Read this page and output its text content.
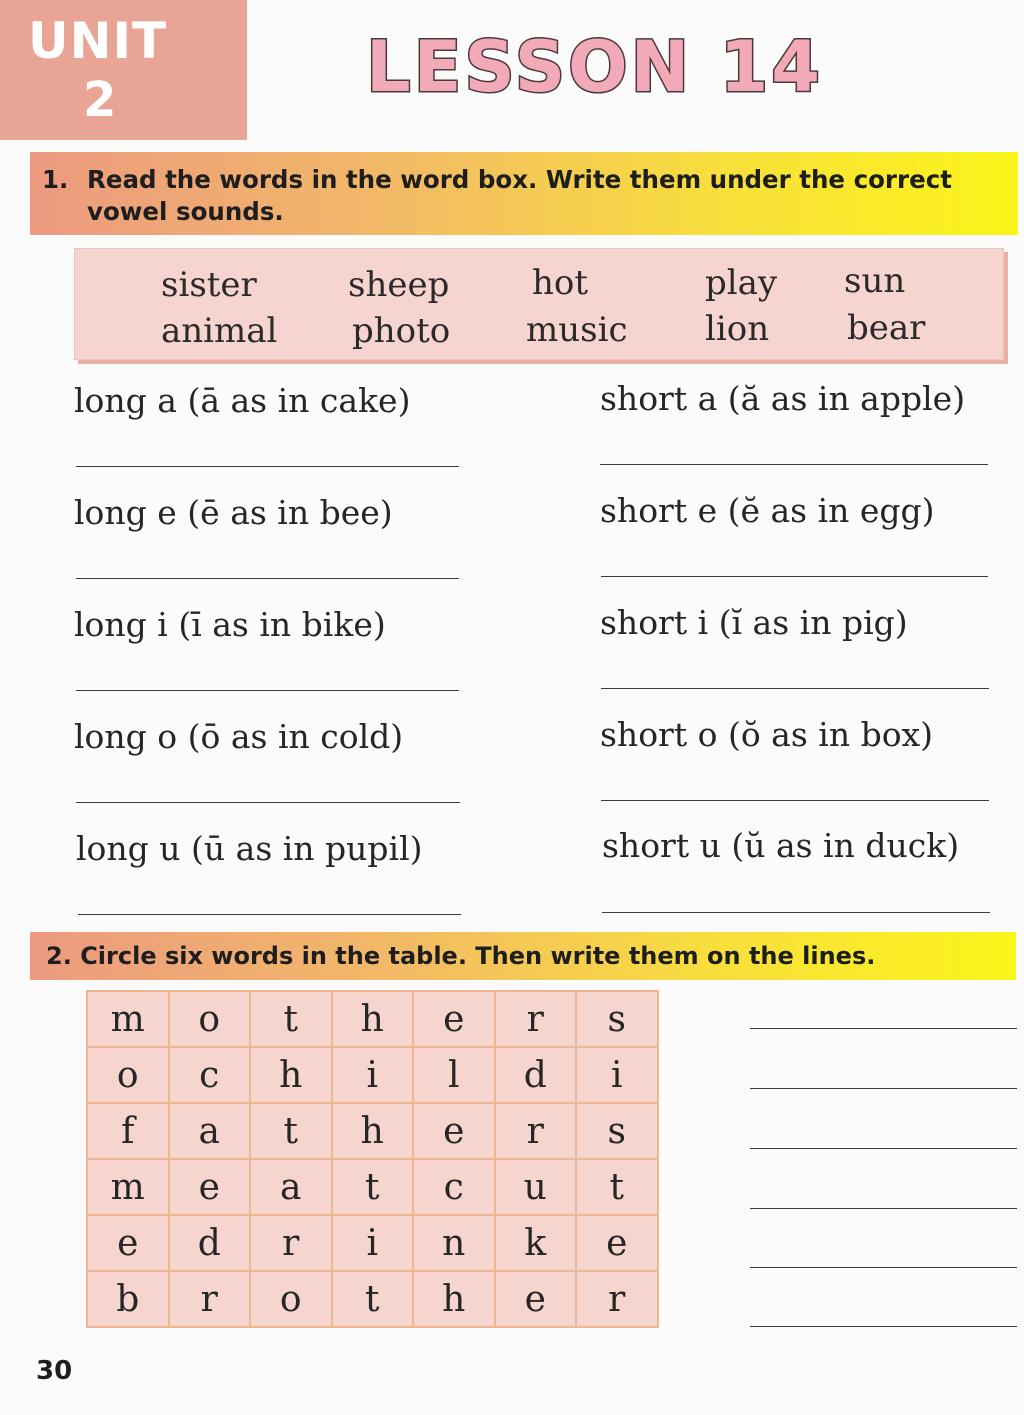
UNIT
2	LESSON 14
1. Read the words in the word box. Write them under the correct vowel sounds.
sister	sheep hot	play sun
animal photo music lion bear
long a (ā as in cake)
long e (ē as in bee)
long i (ī as in bike)
long o (ō as in cold)
long u (ū as in pupil)
short a (ă as in apple)
short e (ĕ as in egg)
short i (ĭ as in pig)
short o (ŏ as in box)
short u (ŭ as in duck)
2. Circle six words in the table. Then write them on the lines.
m	o	t	h	e	r	s
o	c	h	i	l	d	i
f	a	t	h	e	r	s
m	e	a	t	c	u	t
e	d	r	i	n	k	e
b	r	o	t	h	e	r
30
